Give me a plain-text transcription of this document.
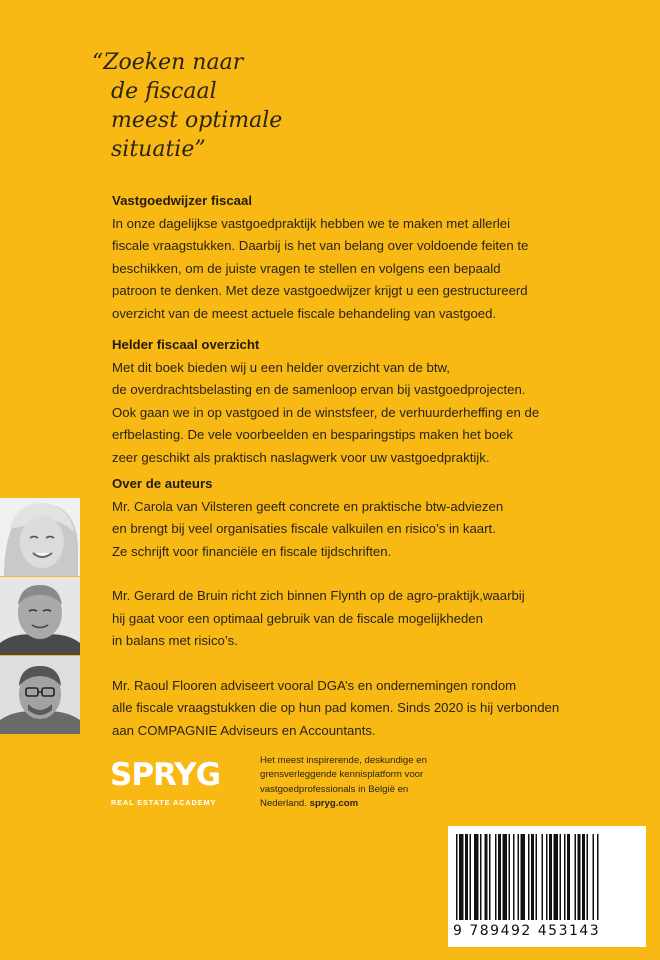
“Zoeken naar
de fiscaal
meest optimale
situatie”
Vastgoedwijzer fiscaal

In onze dagelijkse vastgoedpraktijk hebben we te maken met allerlei
fiscale vraagstukken. Daarbij is het van belang over voldoende feiten te
beschikken, om de juiste vragen te stellen en volgens een bepaald
patroon te denken. Met deze vastgoedwijzer krijgt u een gestructureerd
overzicht van de meest actuele fiscale behandeling van vastgoed.

Helder fiscaal overzicht

Met dit boek bieden wij u een helder overzicht van de btw,
de overdrachtsbelasting en de samenloop ervan bij vastgoedprojecten.
Ook gaan we in op vastgoed in de winstsfeer, de verhuurderheffing en de
erfbelasting. De vele voorbeelden en besparingstips maken het boek
zeer geschikt als praktisch naslagwerk voor uw vastgoedpraktijk.

Over de auteurs

Mr. Carola van Vilsteren geeft concrete en praktische btw-adviezen
en brengt bij veel organisaties fiscale valkuilen en risico’s in kaart.
Ze schrijft voor financiële en fiscale tijdschriften.

Mr. Gerard de Bruin richt zich binnen Flynth op de agro-praktijk,waarbij
hij gaat voor een optimaal gebruik van de fiscale mogelijkheden
in balans met risico’s.

Mr. Raoul Flooren adviseert vooral DGA’s en ondernemingen rondom
alle fiscale vraagstukken die op hun pad komen. Sinds 2020 is hij verbonden
aan COMPAGNIE Adviseurs en Accountants.

SPRYG
REAL ESTATE ACADEMY
Het meest inspirerende, deskundige en
grensverleggende kennisplatform voor
vastgoedprofessionals in België en
Nederland. spryg.com
9 789492 453143
